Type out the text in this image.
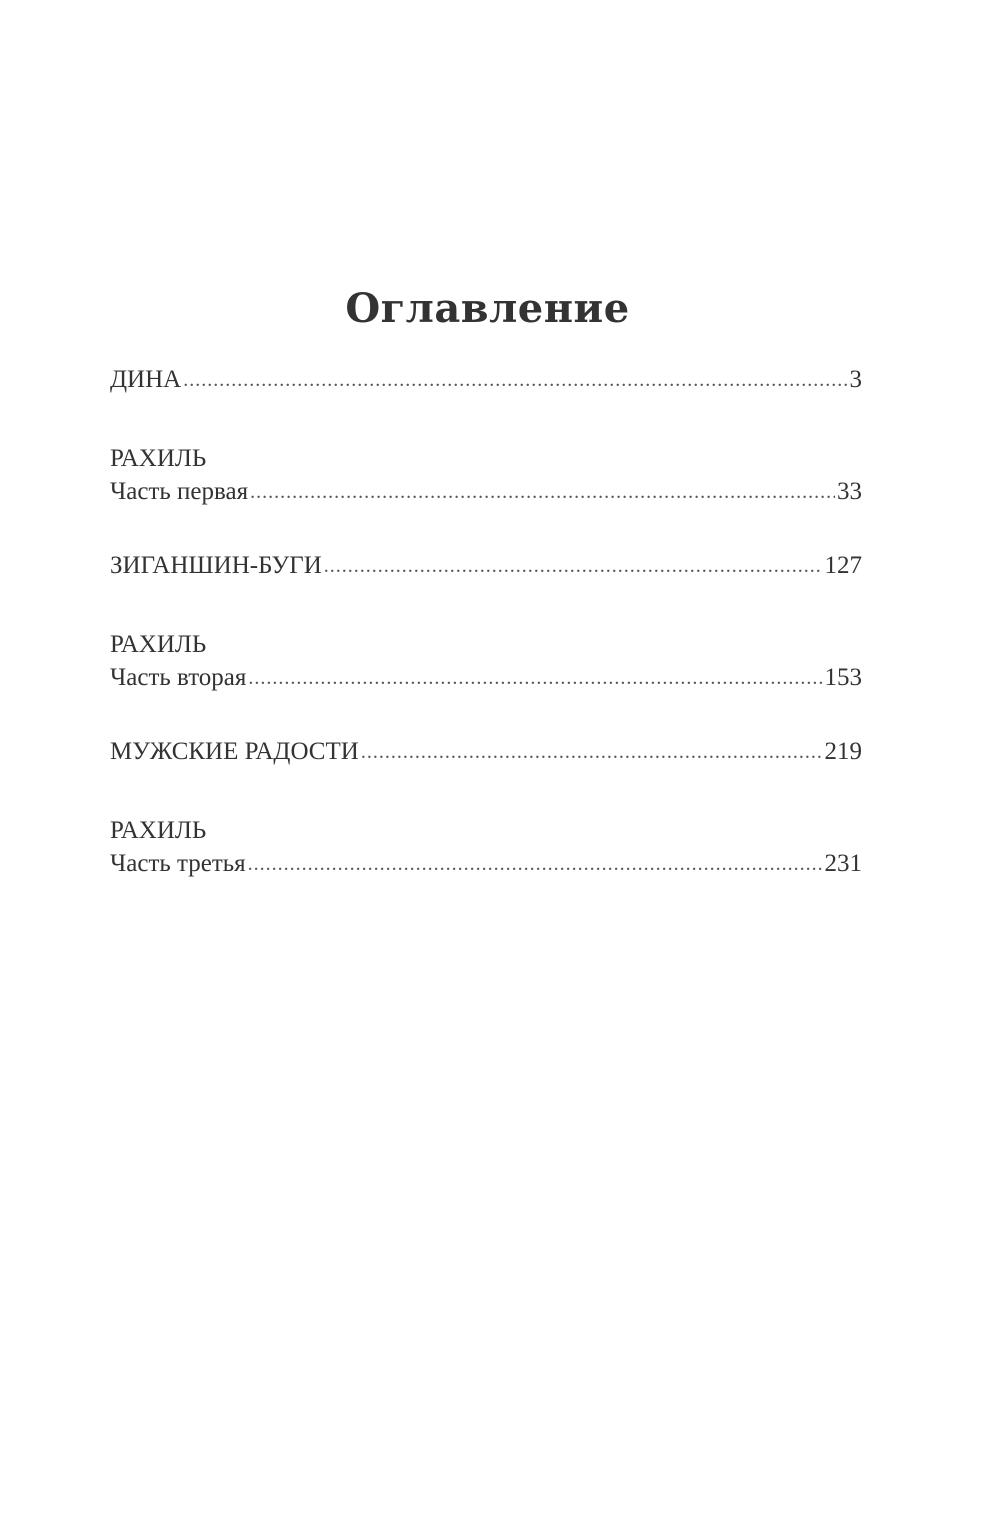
Оглавление
ДИНА .....	3
РАХИЛЬ
Часть первая .....	33
ЗИГАНШИН-БУГИ .....	127
РАХИЛЬ
Часть вторая .....	153
МУЖСКИЕ РАДОСТИ .....	219
РАХИЛЬ
Часть третья .....	231
